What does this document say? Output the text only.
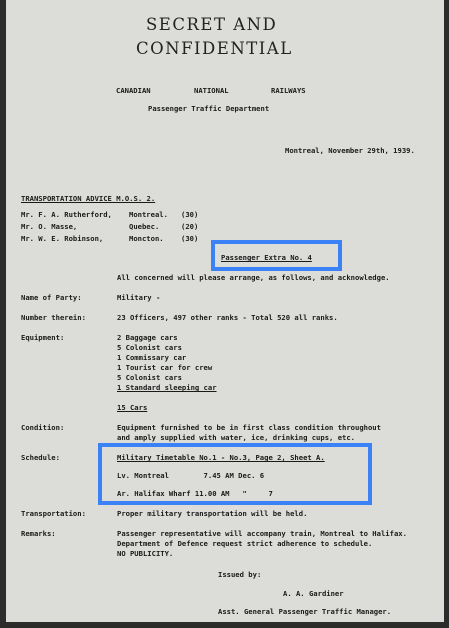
SECRET AND
CONFIDENTIAL
CANADIAN	NATIONAL	RAILWAYS
Passenger Traffic Department
Montreal, November 29th, 1939.
TRANSPORTATION ADVICE M.O.S. 2.
Mr. F. A. Rutherford, Montreal. (30)
Mr. O. Masse,	Quebec.	(20)
Mr. W. E. Robinson,	Moncton. (30)
Passenger Extra No. 4
All concerned will please arrange, as follows, and acknowledge.
Name of Party:	Military -
Number therein:	23 Officers, 497 other ranks - Total 520 all ranks.
Equipment:	2 Baggage cars
5 Colonist cars
1 Commissary car
1 Tourist car for crew
5 Colonist cars
1 Standard sleeping car
15 Cars
Condition:	Equipment furnished to be in first class condition throughout
and amply supplied with water, ice, drinking cups, etc.
Schedule:	Military Timetable No.1 - No.3, Page 2, Sheet A.
Lv. Montreal        7.45 AM Dec. 6
Ar. Halifax Wharf 11.00 AM   "     7
Transportation:	Proper military transportation will be held.
Remarks:	Passenger representative will accompany train, Montreal to Halifax.
Department of Defence request strict adherence to schedule.
NO PUBLICITY.
Issued by:
A. A. Gardiner
Asst. General Passenger Traffic Manager.
